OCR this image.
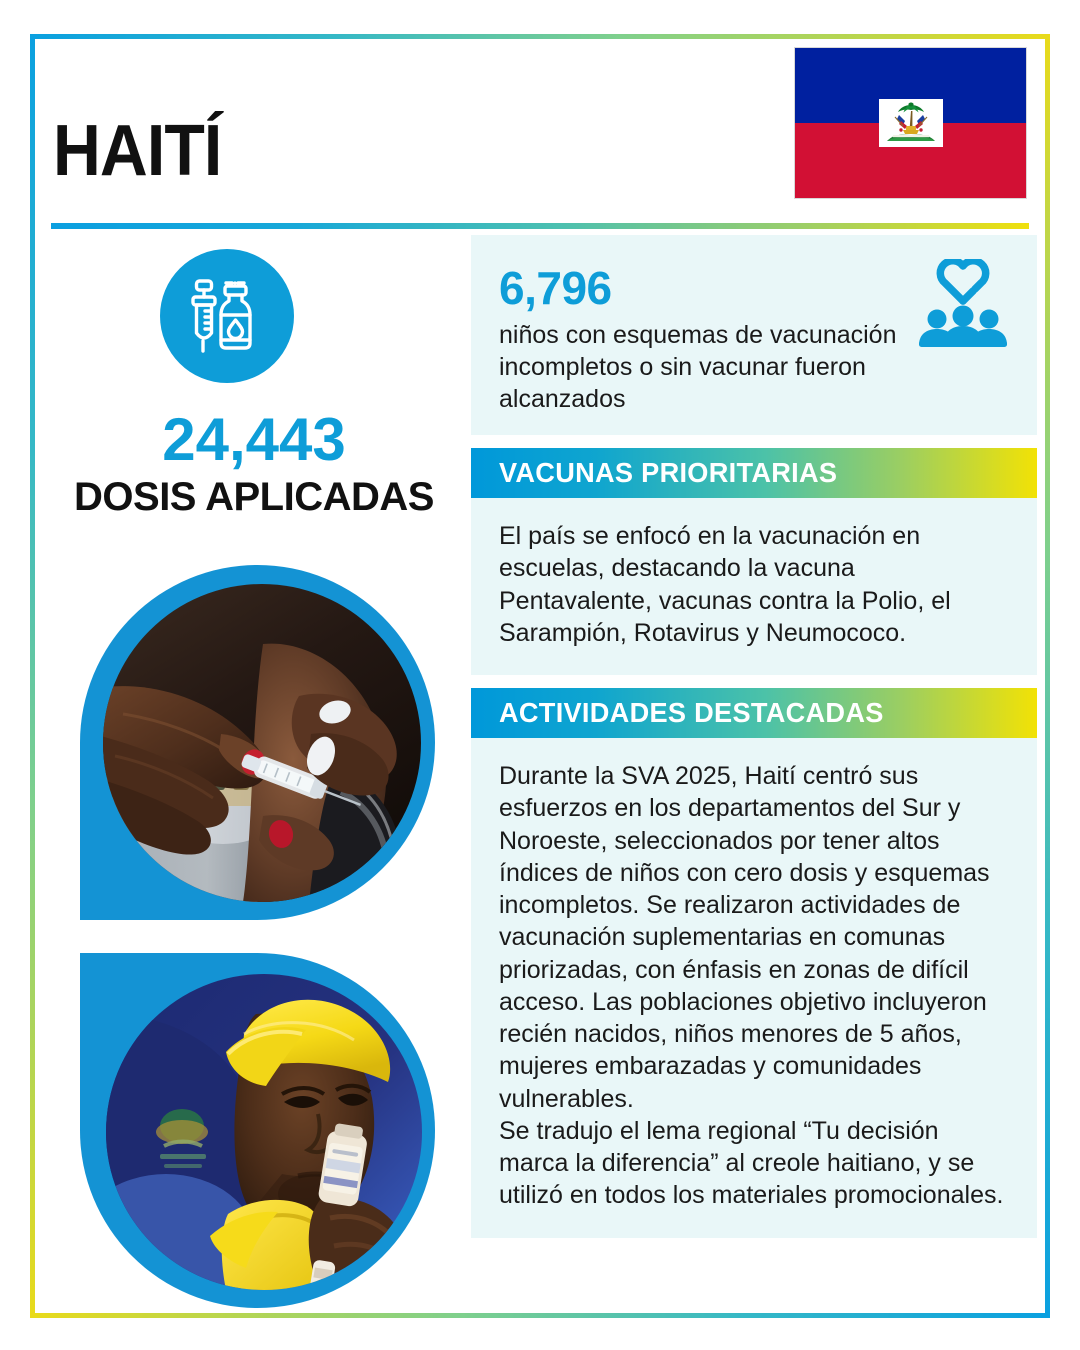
HAITÍ
24,443
DOSIS APLICADAS
6,796
niños con esquemas de vacunación incompletos o sin vacunar fueron alcanzados
VACUNAS PRIORITARIAS

El país se enfocó en la vacunación en escuelas, destacando la vacuna Pentavalente, vacunas contra la Polio, el Sarampión, Rotavirus y Neumococo.

ACTIVIDADES DESTACADAS

Durante la SVA 2025, Haití centró sus esfuerzos en los departamentos del Sur y Noroeste, seleccionados por tener altos índices de niños con cero dosis y esquemas incompletos. Se realizaron actividades de vacunación suplementarias en comunas priorizadas, con énfasis en zonas de difícil acceso. Las poblaciones objetivo incluyeron recién nacidos, niños menores de 5 años, mujeres embarazadas y comunidades vulnerables.

Se tradujo el lema regional “Tu decisión marca la diferencia” al creole haitiano, y se utilizó en todos los materiales promocionales.
